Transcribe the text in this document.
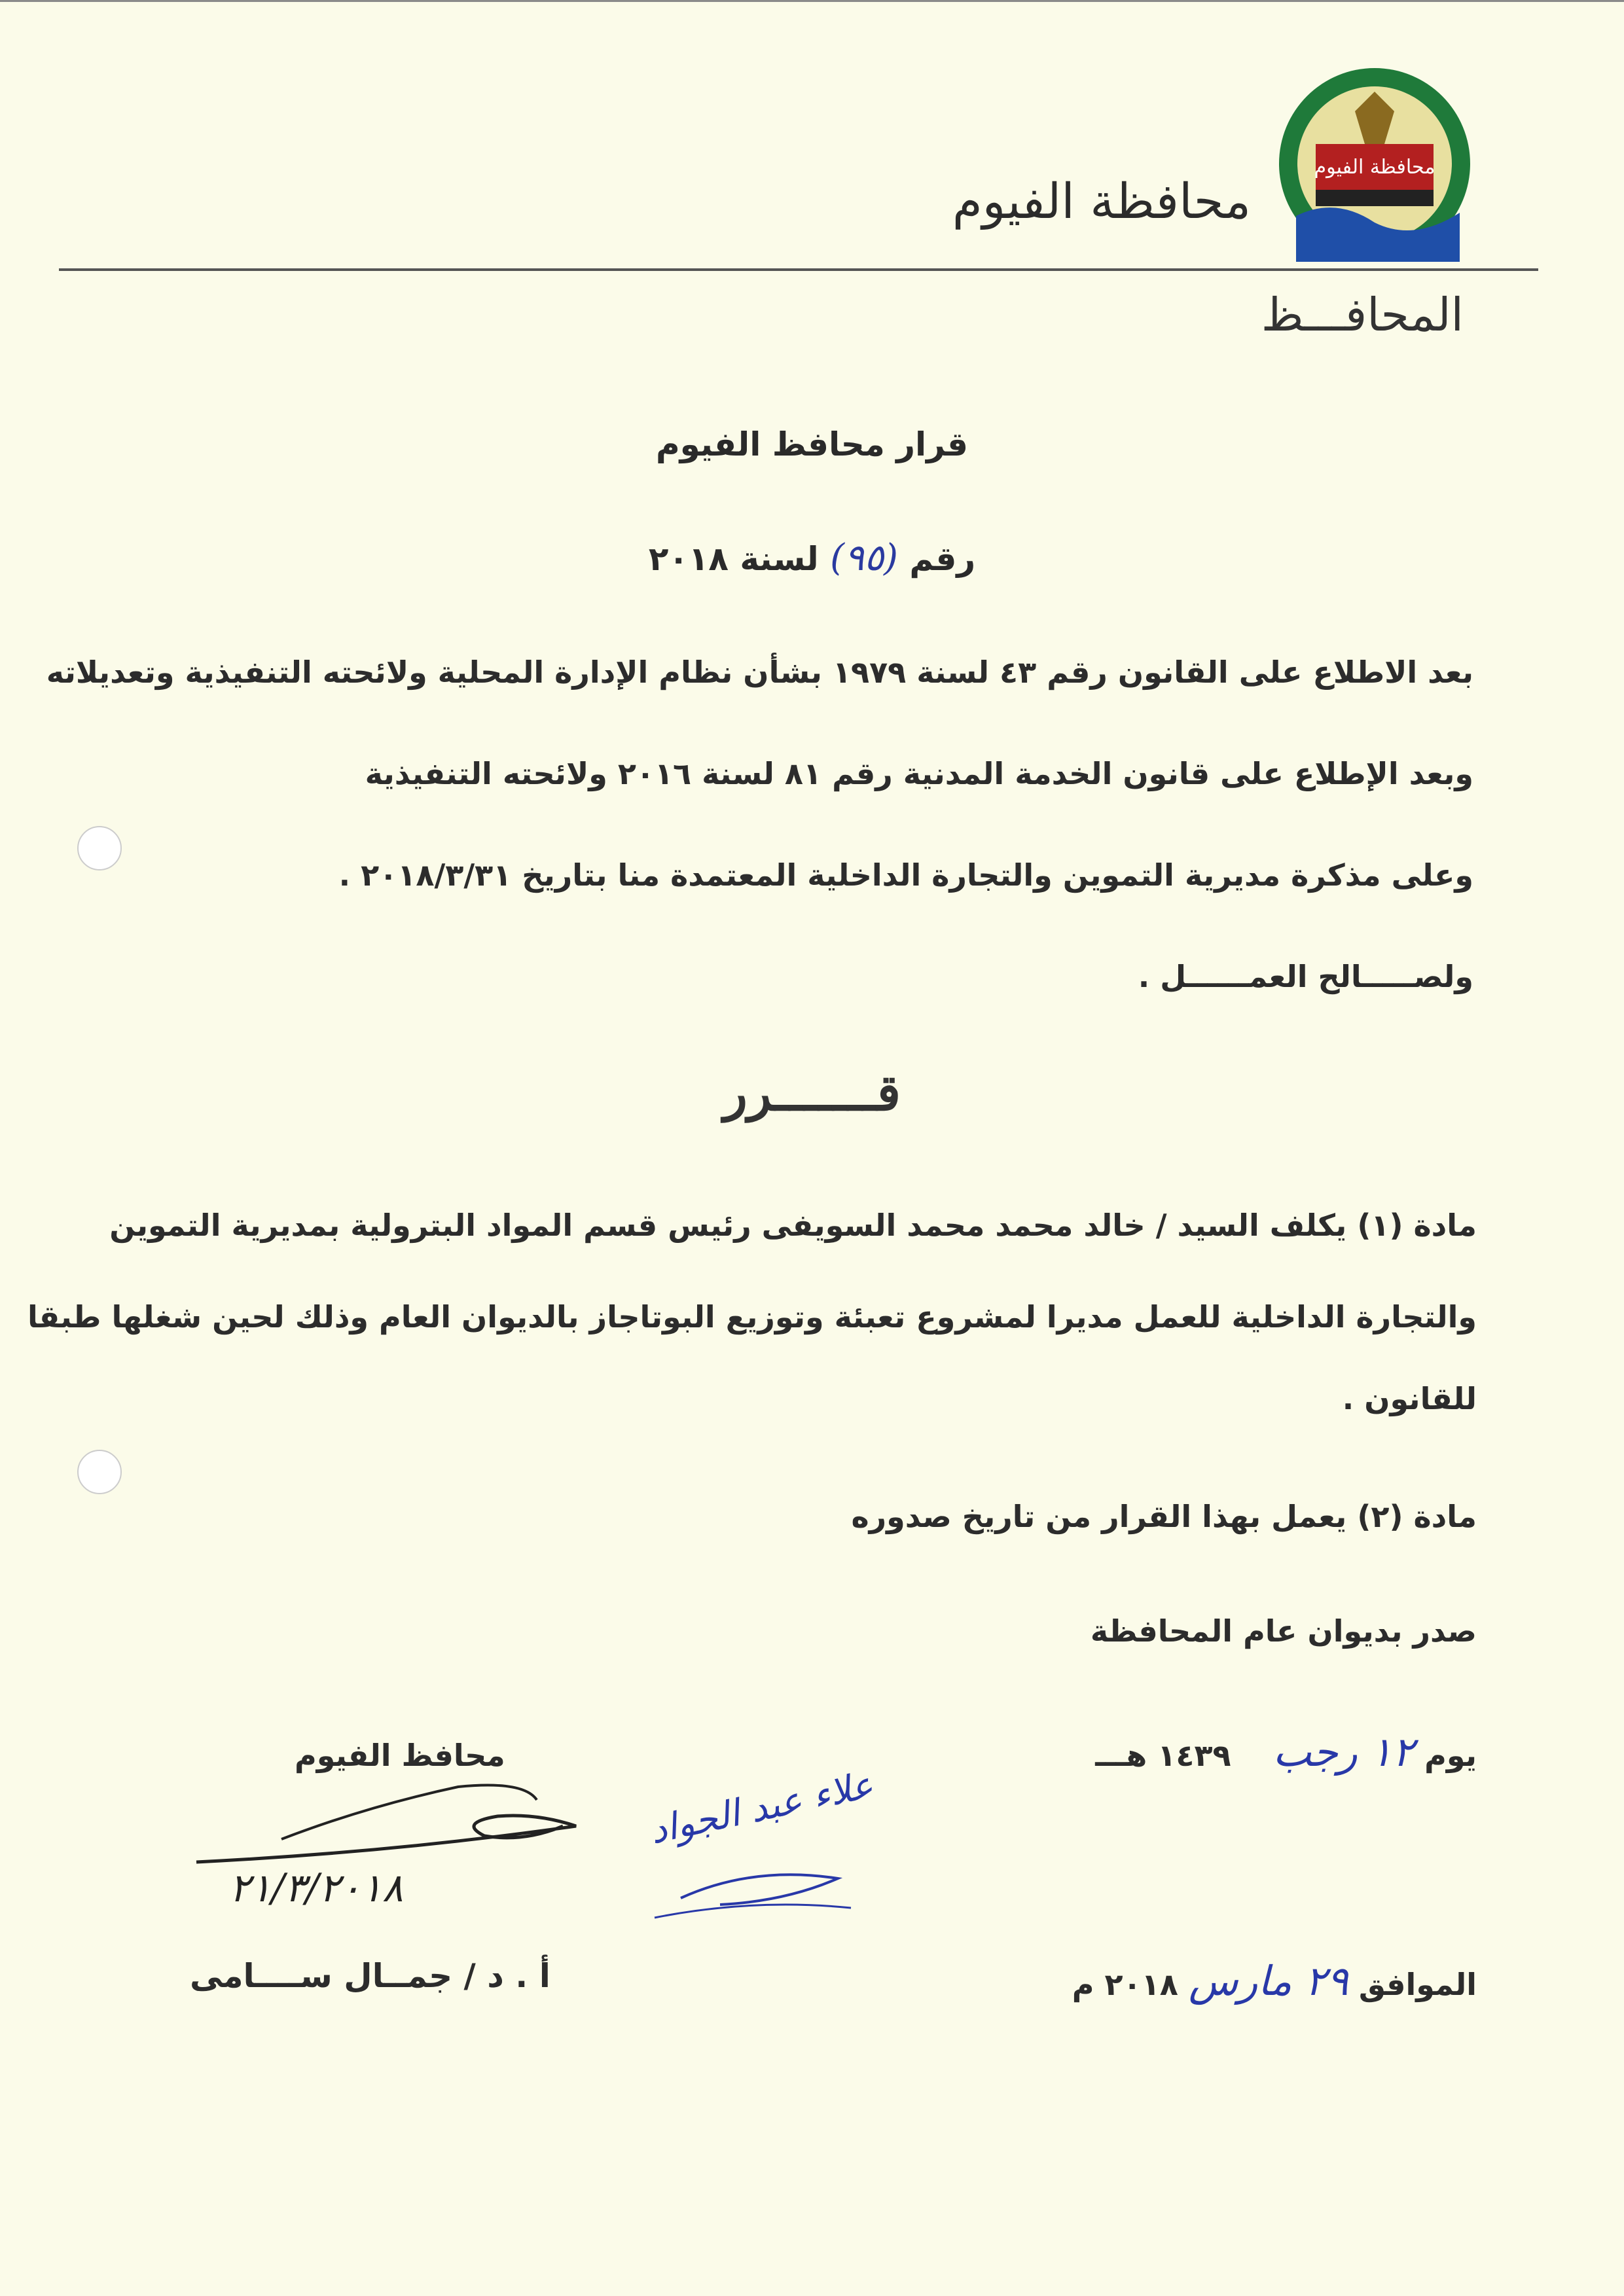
محافظة الفيوم
محافظة الفيوم
المحافـــظ
قرار محافظ الفيوم
رقم (٩٥) لسنة ٢٠١٨
بعد الاطلاع على القانون رقم ٤٣ لسنة ١٩٧٩ بشأن نظام الإدارة المحلية ولائحته التنفيذية وتعديلاته
وبعد الإطلاع على قانون الخدمة المدنية رقم ٨١ لسنة ٢٠١٦ ولائحته التنفيذية
وعلى مذكرة مديرية التموين والتجارة الداخلية المعتمدة منا بتاريخ ٢٠١٨/٣/٣١ .
ولصـــــالح العمــــــل .
قـــــــرر
مادة (١) يكلف السيد / خالد محمد محمد السويفى رئيس قسم المواد البترولية بمديرية التموين
والتجارة الداخلية للعمل مديرا لمشروع تعبئة وتوزيع البوتاجاز بالديوان العام وذلك لحين شغلها طبقا
للقانون .
مادة (٢) يعمل بهذا القرار من تاريخ صدوره
صدر بديوان عام المحافظة
يوم ١٢ رجب    ١٤٣٩ هـــ
الموافق ٢٩ مارس ٢٠١٨ م
محافظ الفيوم
٢١/٣/٢٠١٨
أ . د / جمــال ســــامى
علاء عبد الجواد
